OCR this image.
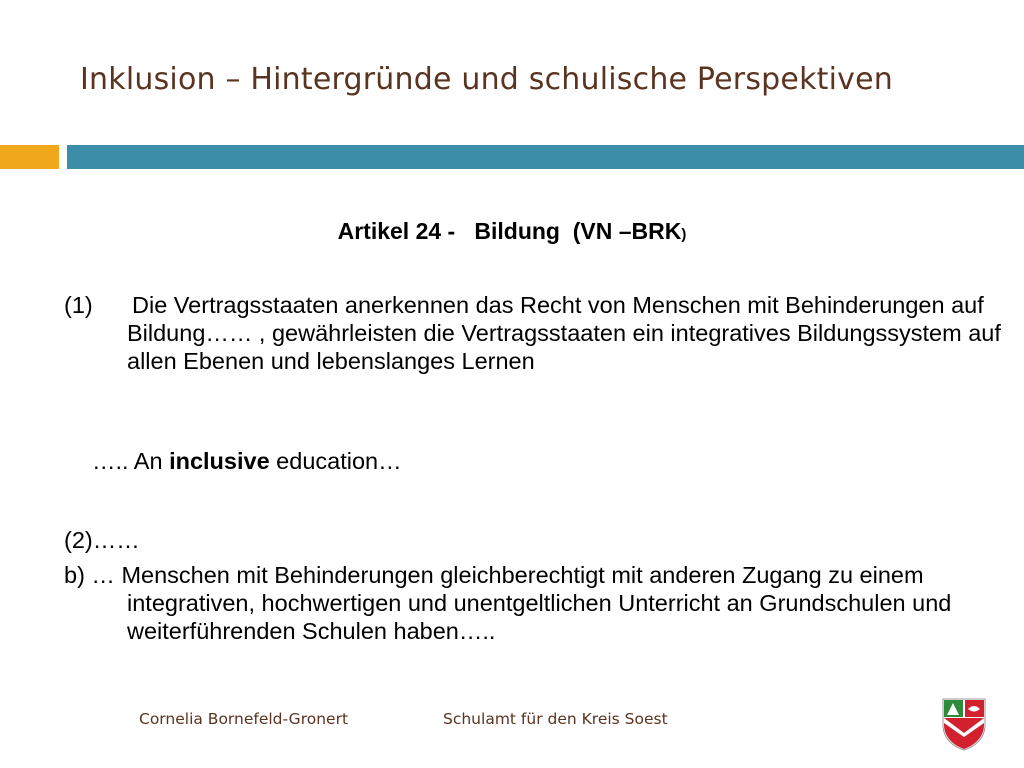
Inklusion – Hintergründe und schulische Perspektiven
Artikel 24 -   Bildung  (VN –BRK)
(1) Die Vertragsstaaten anerkennen das Recht von Menschen mit Behinderungen auf Bildung…… , gewährleisten die Vertragsstaaten ein integratives Bildungssystem auf allen Ebenen und lebenslanges Lernen
….. An inclusive education…
(2)……
b) … Menschen mit Behinderungen gleichberechtigt mit anderen Zugang zu einem integrativen, hochwertigen und unentgeltlichen Unterricht an Grundschulen und weiterführenden Schulen haben…..
Cornelia Bornefeld-Gronert	Schulamt für den Kreis Soest
